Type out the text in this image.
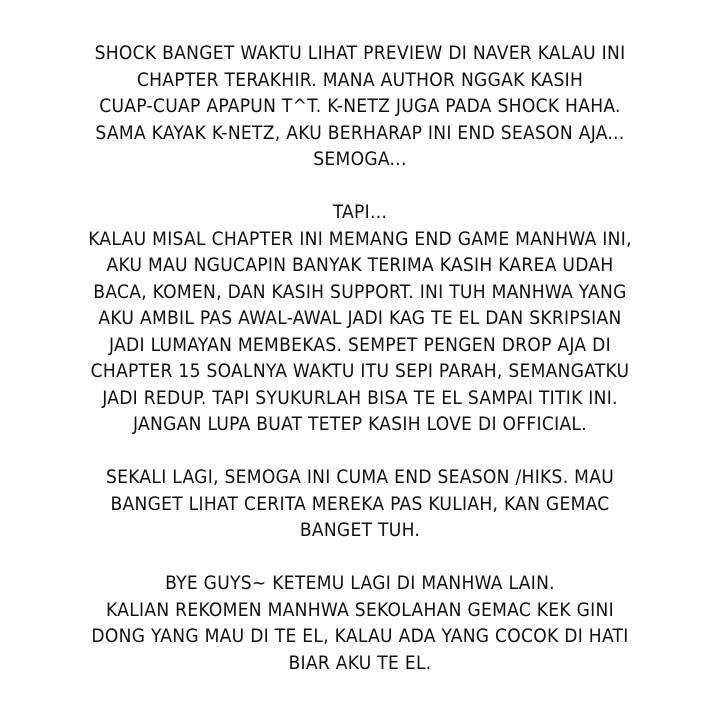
SHOCK BANGET WAKTU LIHAT PREVIEW DI NAVER KALAU INI
CHAPTER TERAKHIR. MANA AUTHOR NGGAK KASIH
CUAP-CUAP APAPUN T^T. K-NETZ JUGA PADA SHOCK HAHA.
SAMA KAYAK K-NETZ, AKU BERHARAP INI END SEASON AJA...
SEMOGA...

TAPI...
KALAU MISAL CHAPTER INI MEMANG END GAME MANHWA INI,
AKU MAU NGUCAPIN BANYAK TERIMA KASIH KAREA UDAH
BACA, KOMEN, DAN KASIH SUPPORT. INI TUH MANHWA YANG
AKU AMBIL PAS AWAL-AWAL JADI KAG TE EL DAN SKRIPSIAN
JADI LUMAYAN MEMBEKAS. SEMPET PENGEN DROP AJA DI
CHAPTER 15 SOALNYA WAKTU ITU SEPI PARAH, SEMANGATKU
JADI REDUP. TAPI SYUKURLAH BISA TE EL SAMPAI TITIK INI.
JANGAN LUPA BUAT TETEP KASIH LOVE DI OFFICIAL.

SEKALI LAGI, SEMOGA INI CUMA END SEASON /HIKS. MAU
BANGET LIHAT CERITA MEREKA PAS KULIAH, KAN GEMAC
BANGET TUH.

BYE GUYS~ KETEMU LAGI DI MANHWA LAIN.
KALIAN REKOMEN MANHWA SEKOLAHAN GEMAC KEK GINI
DONG YANG MAU DI TE EL, KALAU ADA YANG COCOK DI HATI
BIAR AKU TE EL.
